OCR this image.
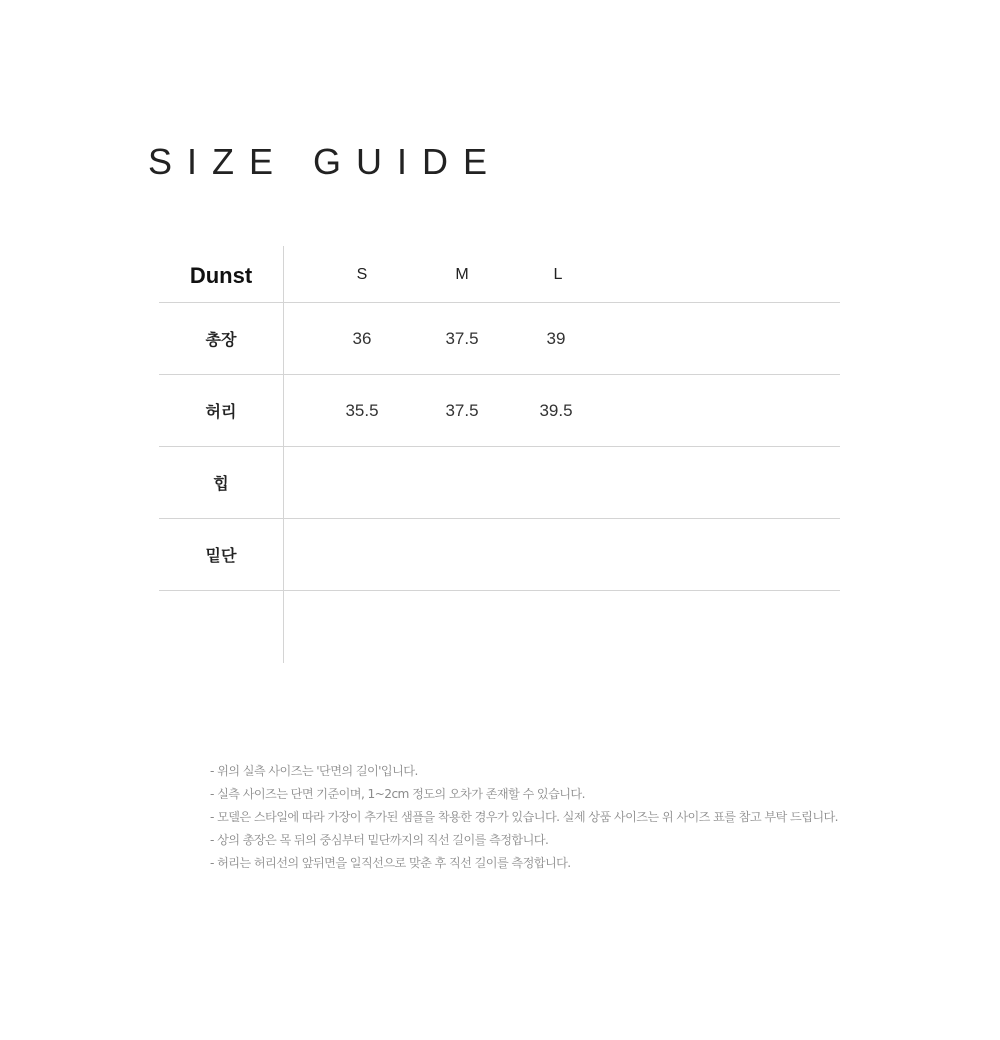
SIZE GUIDE
Dunst	S	M	L
총장	36	37.5	39
허리	35.5	37.5	39.5
힙
밑단
- 위의 실측 사이즈는 '단면의 길이'입니다.
- 실측 사이즈는 단면 기준이며, 1~2cm 정도의 오차가 존재할 수 있습니다.
- 모델은 스타일에 따라 가장이 추가된 샘플을 착용한 경우가 있습니다. 실제 상품 사이즈는 위 사이즈 표를 참고 부탁 드립니다.
- 상의 총장은 목 뒤의 중심부터 밑단까지의 직선 길이를 측정합니다.
- 허리는 허리선의 앞뒤면을 일직선으로 맞춘 후 직선 길이를 측정합니다.
